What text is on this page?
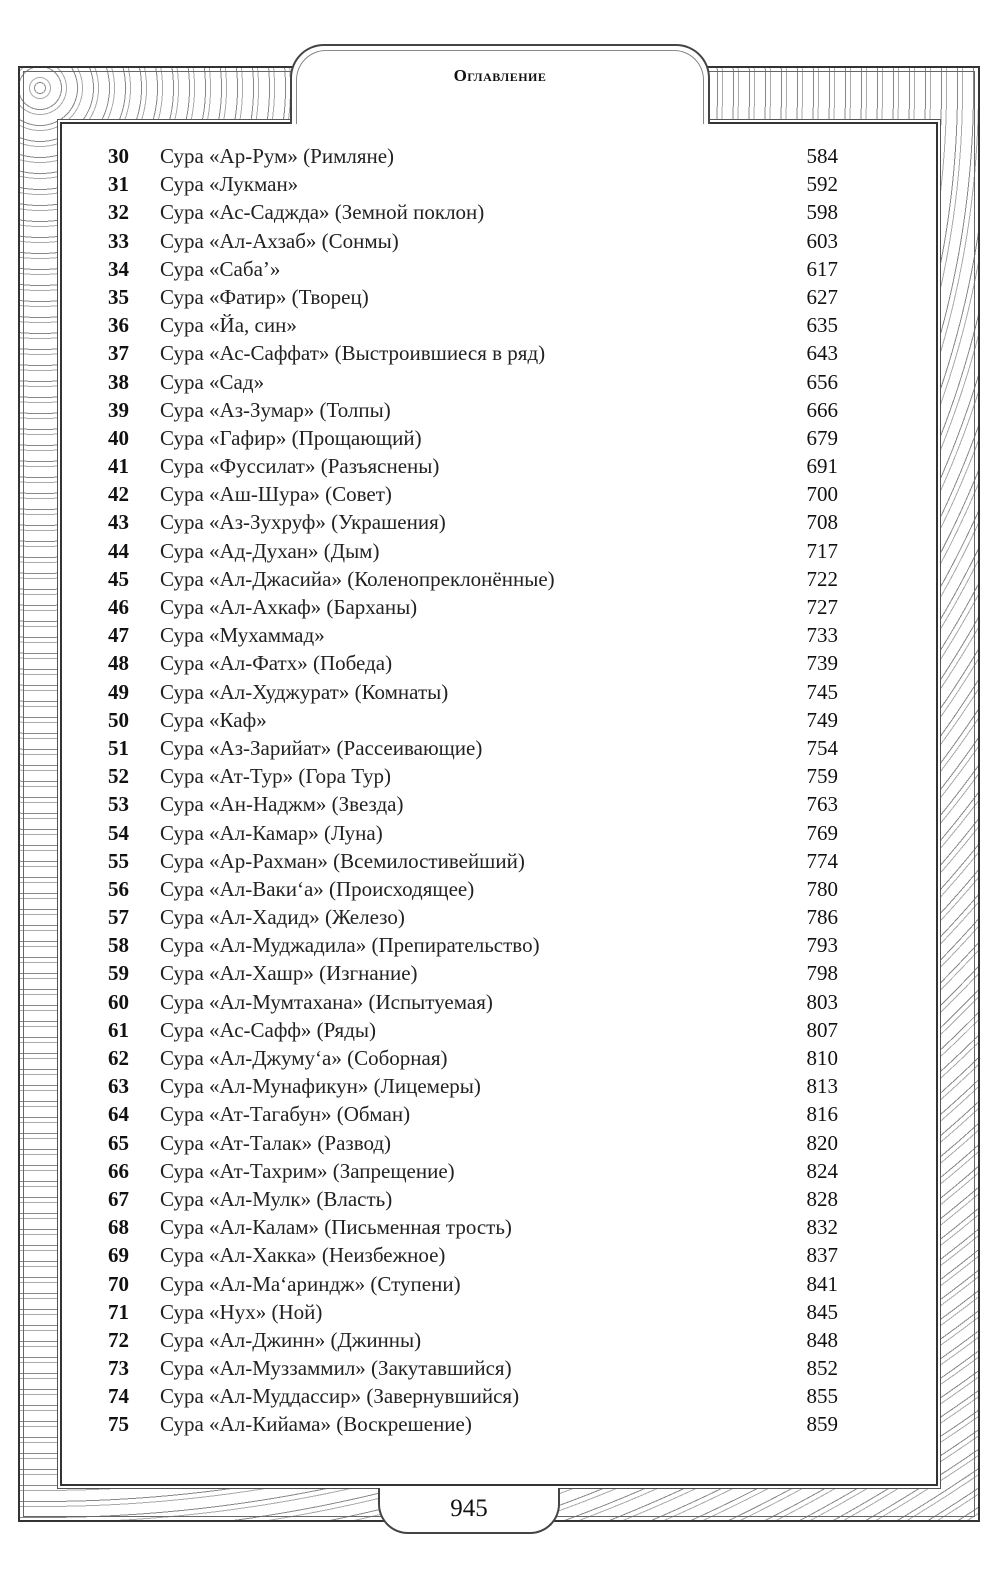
Оглавление
30	Сура «Ар-Рум» (Римляне)	584
31	Сура «Лукман»	592
32	Сура «Ас-Саджда» (Земной поклон)	598
33	Сура «Ал-Ахзаб» (Сонмы)	603
34	Сура «Саба’»	617
35	Сура «Фатир» (Творец)	627
36	Сура «Йа, син»	635
37	Сура «Ас-Саффат» (Выстроившиеся в ряд)	643
38	Сура «Сад»	656
39	Сура «Аз-Зумар» (Толпы)	666
40	Сура «Гафир» (Прощающий)	679
41	Сура «Фуссилат» (Разъяснены)	691
42	Сура «Аш-Шура» (Совет)	700
43	Сура «Аз-Зухруф» (Украшения)	708
44	Сура «Ад-Духан» (Дым)	717
45	Сура «Ал-Джасийа» (Коленопреклонённые)	722
46	Сура «Ал-Ахкаф» (Барханы)	727
47	Сура «Мухаммад»	733
48	Сура «Ал-Фатх» (Победа)	739
49	Сура «Ал-Худжурат» (Комнаты)	745
50	Сура «Каф»	749
51	Сура «Аз-Зарийат» (Рассеивающие)	754
52	Сура «Ат-Тур» (Гора Тур)	759
53	Сура «Ан-Наджм» (Звезда)	763
54	Сура «Ал-Камар» (Луна)	769
55	Сура «Ар-Рахман» (Всемилостивейший)	774
56	Сура «Ал-Ваки‘а» (Происходящее)	780
57	Сура «Ал-Хадид» (Железо)	786
58	Сура «Ал-Муджадила» (Препирательство)	793
59	Сура «Ал-Хашр» (Изгнание)	798
60	Сура «Ал-Мумтахана» (Испытуемая)	803
61	Сура «Ас-Сафф» (Ряды)	807
62	Сура «Ал-Джуму‘а» (Соборная)	810
63	Сура «Ал-Мунафикун» (Лицемеры)	813
64	Сура «Ат-Тагабун» (Обман)	816
65	Сура «Ат-Талак» (Развод)	820
66	Сура «Ат-Тахрим» (Запрещение)	824
67	Сура «Ал-Мулк» (Власть)	828
68	Сура «Ал-Калам» (Письменная трость)	832
69	Сура «Ал-Хакка» (Неизбежное)	837
70	Сура «Ал-Ма‘ариндж» (Ступени)	841
71	Сура «Нух» (Ной)	845
72	Сура «Ал-Джинн» (Джинны)	848
73	Сура «Ал-Муззаммил» (Закутавшийся)	852
74	Сура «Ал-Муддассир» (Завернувшийся)	855
75	Сура «Ал-Кийама» (Воскрешение)	859
945
